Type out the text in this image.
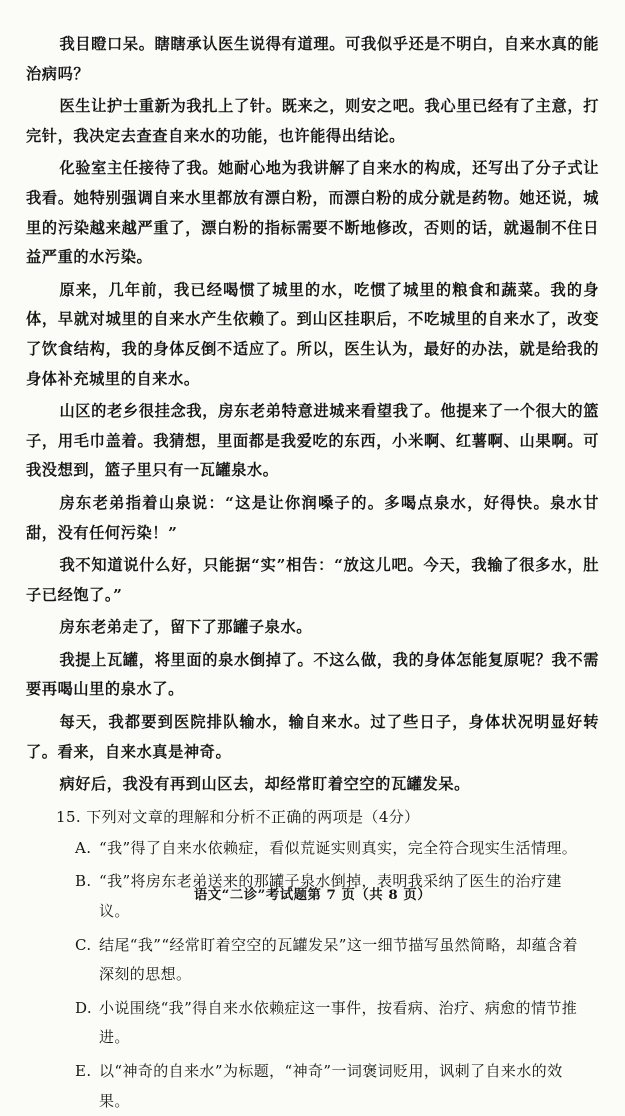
我目瞪口呆。瞎瞎承认医生说得有道理。可我似乎还是不明白，自来水真的能治病吗？

医生让护士重新为我扎上了针。既来之，则安之吧。我心里已经有了主意，打完针，我决定去查查自来水的功能，也许能得出结论。

化验室主任接待了我。她耐心地为我讲解了自来水的构成，还写出了分子式让我看。她特别强调自来水里都放有漂白粉，而漂白粉的成分就是药物。她还说，城里的污染越来越严重了，漂白粉的指标需要不断地修改，否则的话，就遏制不住日益严重的水污染。

原来，几年前，我已经喝惯了城里的水，吃惯了城里的粮食和蔬菜。我的身体，早就对城里的自来水产生依赖了。到山区挂职后，不吃城里的自来水了，改变了饮食结构，我的身体反倒不适应了。所以，医生认为，最好的办法，就是给我的身体补充城里的自来水。

山区的老乡很挂念我，房东老弟特意进城来看望我了。他提来了一个很大的篮子，用毛巾盖着。我猜想，里面都是我爱吃的东西，小米啊、红薯啊、山果啊。可我没想到，篮子里只有一瓦罐泉水。

房东老弟指着山泉说：“这是让你润嗓子的。多喝点泉水，好得快。泉水甘甜，没有任何污染！”

我不知道说什么好，只能据“实”相告：“放这儿吧。今天，我输了很多水，肚子已经饱了。”

房东老弟走了，留下了那罐子泉水。

我提上瓦罐，将里面的泉水倒掉了。不这么做，我的身体怎能复原呢？我不需要再喝山里的泉水了。

每天，我都要到医院排队输水，输自来水。过了些日子，身体状况明显好转了。看来，自来水真是神奇。

病好后，我没有再到山区去，却经常盯着空空的瓦罐发呆。

15. 下列对文章的理解和分析不正确的两项是（4分）
A. “我”得了自来水依赖症，看似荒诞实则真实，完全符合现实生活情理。
B. “我”将房东老弟送来的那罐子泉水倒掉，表明我采纳了医生的治疗建议。
C. 结尾“我”“经常盯着空空的瓦罐发呆”这一细节描写虽然简略，却蕴含着深刻的思想。
D. 小说围绕“我”得自来水依赖症这一事件，按看病、治疗、病愈的情节推进。
E. 以“神奇的自来水”为标题，“神奇”一词褒词贬用，讽刺了自来水的效果。
语文“二诊”考试题第 7 页（共 8 页）
